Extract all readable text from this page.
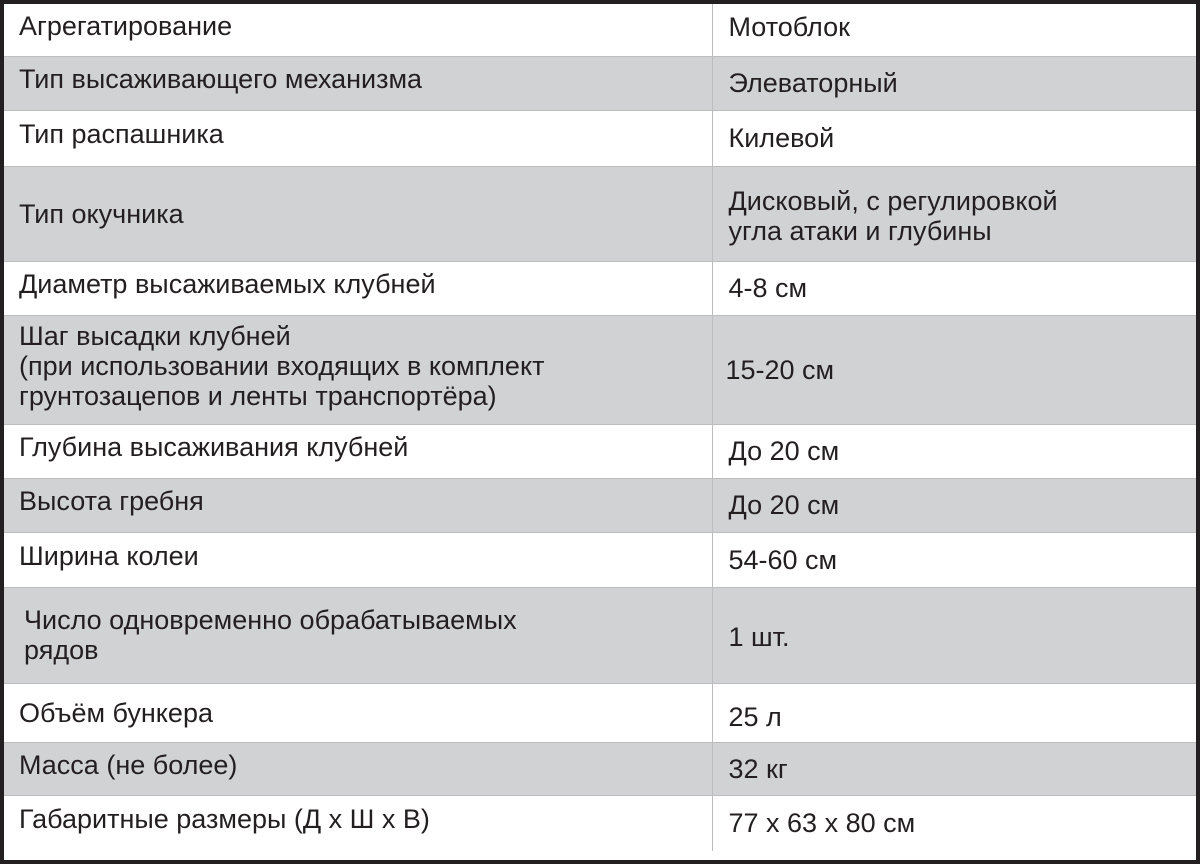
Агрегатирование	Мотоблок

Тип высаживающего механизма	Элеваторный

Тип распашника	Килевой

Тип окучника	Дисковый, с регулировкой
угла атаки и глубины

Диаметр высаживаемых клубней	4-8 см

Шаг высадки клубней
(при использовании входящих в комплект
грунтозацепов и ленты транспортёра)	15-20 см

Глубина высаживания клубней	До 20 см

Высота гребня	До 20 см

Ширина колеи	54-60 см

Число одновременно обрабатываемых
рядов	1 шт.

Объём бункера	25 л

Масса (не более)	32 кг

Габаритные размеры (Д х Ш х В)	77 х 63 х 80 см
